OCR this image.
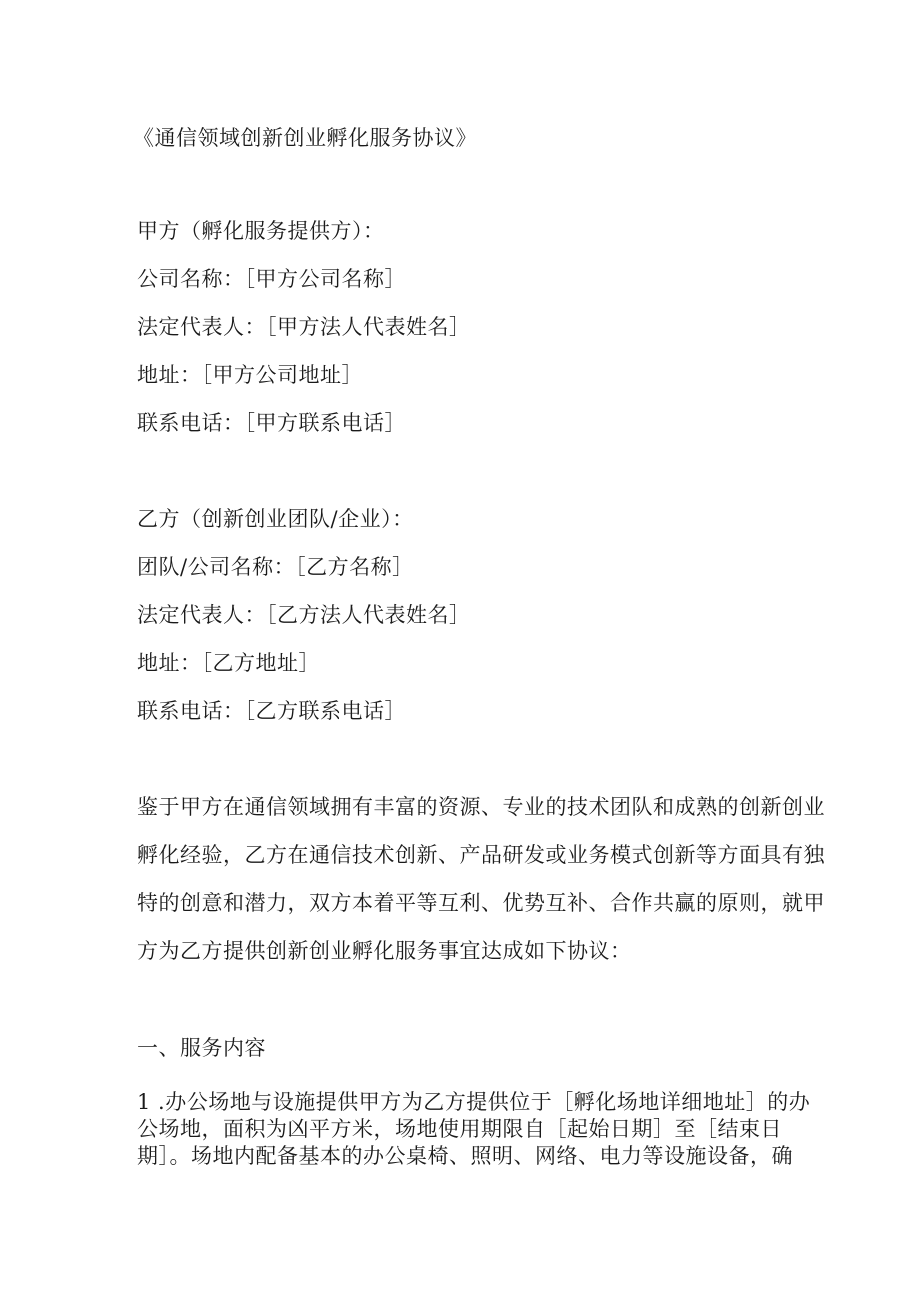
《通信领域创新创业孵化服务协议》
甲方（孵化服务提供方）：
公司名称：［甲方公司名称］
法定代表人：［甲方法人代表姓名］
地址：［甲方公司地址］
联系电话：［甲方联系电话］
乙方（创新创业团队/企业）：
团队/公司名称：［乙方名称］
法定代表人：［乙方法人代表姓名］
地址：［乙方地址］
联系电话：［乙方联系电话］
鉴于甲方在通信领域拥有丰富的资源、专业的技术团队和成熟的创新创业
孵化经验，乙方在通信技术创新、产品研发或业务模式创新等方面具有独
特的创意和潜力，双方本着平等互利、优势互补、合作共赢的原则，就甲
方为乙方提供创新创业孵化服务事宜达成如下协议：
一、服务内容
1 .办公场地与设施提供甲方为乙方提供位于［孵化场地详细地址］的办
公场地，面积为凶平方米，场地使用期限自［起始日期］至［结束日
期］。场地内配备基本的办公桌椅、照明、网络、电力等设施设备，确
